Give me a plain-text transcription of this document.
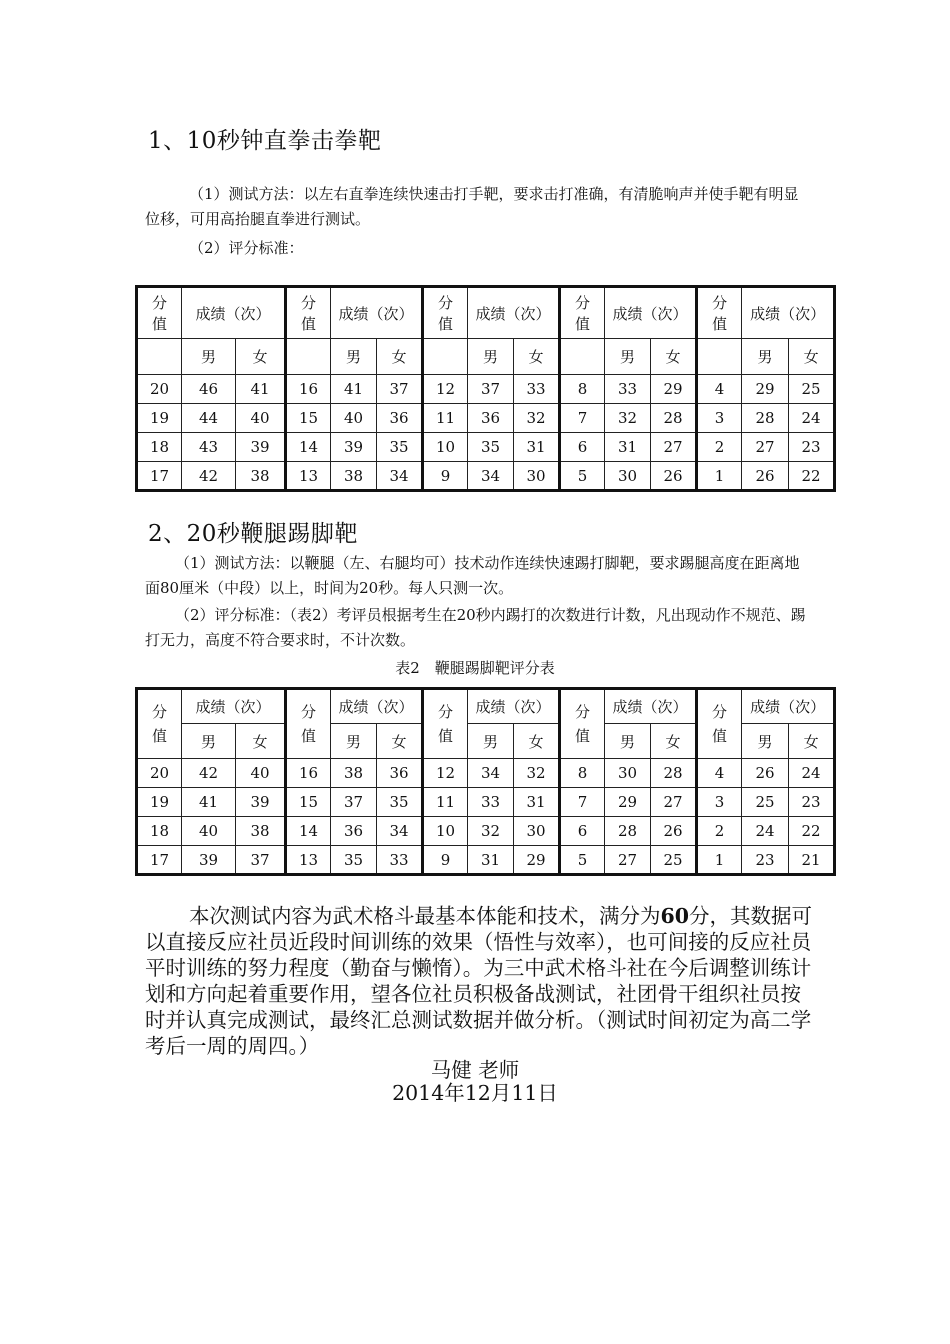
1、10秒钟直拳击拳靶

（1）测试方法：以左右直拳连续快速击打手靶，要求击打准确，有清脆响声并使手靶有明显位移，可用高抬腿直拳进行测试。

（2）评分标准：

分值	成绩（次）		分值	成绩（次）		分值	成绩（次）		分值	成绩（次）		分值	成绩（次）	
	男	女		男	女		男	女		男	女		男	女
20	46	41	16	41	37	12	37	33	8	33	29	4	29	25
19	44	40	15	40	36	11	36	32	7	32	28	3	28	24
18	43	39	14	39	35	10	35	31	6	31	27	2	27	23
17	42	38	13	38	34	9	34	30	5	30	26	1	26	22
2、20秒鞭腿踢脚靶

（1）测试方法：以鞭腿（左、右腿均可）技术动作连续快速踢打脚靶，要求踢腿高度在距离地面80厘米（中段）以上，时间为20秒。每人只测一次。

（2）评分标准：（表2）考评员根据考生在20秒内踢打的次数进行计数，凡出现动作不规范、踢打无力，高度不符合要求时，不计次数。

表2　鞭腿踢脚靶评分表
分值	成绩（次）		分值	成绩（次）		分值	成绩（次）		分值	成绩（次）		分值	成绩（次）	
	男	女		男	女		男	女		男	女		男	女
20	42	40	16	38	36	12	34	32	8	30	28	4	26	24
19	41	39	15	37	35	11	33	31	7	29	27	3	25	23
18	40	38	14	36	34	10	32	30	6	28	26	2	24	22
17	39	37	13	35	33	9	31	29	5	27	25	1	23	21

本次测试内容为武术格斗最基本体能和技术，满分为60分，其数据可以直接反应社员近段时间训练的效果（悟性与效率），也可间接的反应社员平时训练的努力程度（勤奋与懒惰）。为三中武术格斗社在今后调整训练计划和方向起着重要作用，望各位社员积极备战测试，社团骨干组织社员按时并认真完成测试，最终汇总测试数据并做分析。（测试时间初定为高二学考后一周的周四。）

马健 老师
2014年12月11日
